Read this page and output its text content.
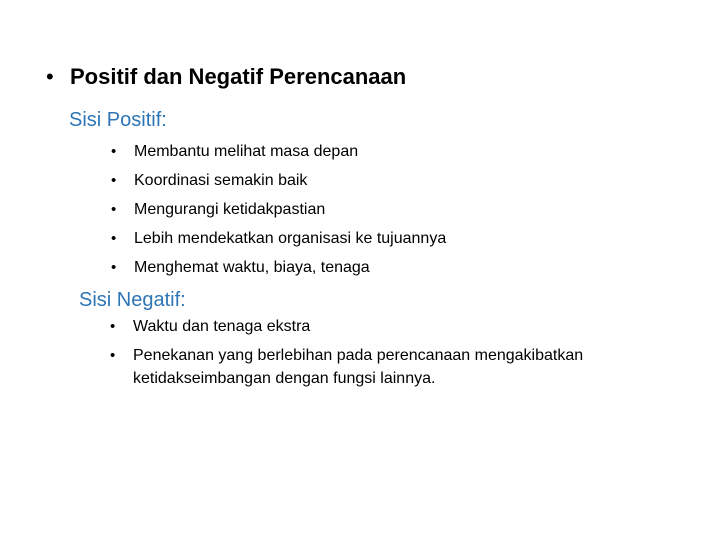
• Positif dan Negatif Perencanaan
Sisi Positif:
• Membantu melihat masa depan
• Koordinasi semakin baik
• Mengurangi ketidakpastian
• Lebih mendekatkan organisasi ke tujuannya
• Menghemat waktu, biaya, tenaga
Sisi Negatif:
• Waktu dan tenaga ekstra
• Penekanan yang berlebihan pada perencanaan mengakibatkan ketidakseimbangan dengan fungsi lainnya.
